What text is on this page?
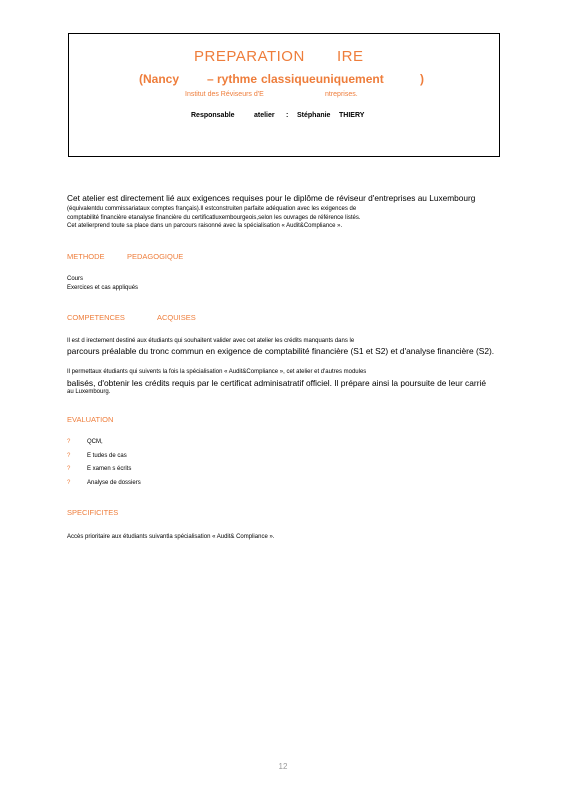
PREPARATION IRE
(Nancy – rythme classiqueuniquement	)
Institut des Réviseurs d'E	ntreprises.
Responsable	atelier : Stéphanie THIERY
Cet atelier est directement lié aux exigences requises pour le diplôme de réviseur d'entreprises au Luxembourg
(équivalentdu commissariataux comptes français).Il estconstruiten parfaite adéquation avec les exigences de
comptabilité financière etanalyse financière du certificatluxembourgeois,selon les ouvrages de référence listés.
Cet atelierprend toute sa place dans un parcours raisonné avec la spécialisation « Audit&Compliance ».
METHODE	PEDAGOGIQUE
Cours
Exercices et cas appliqués
COMPETENCES	ACQUISES
Il est d irectement destiné aux étudiants qui souhaitent valider avec cet atelier les crédits manquants dans le
parcours préalable du tronc commun en exigence de comptabilité financière (S1 et S2) et d'analyse financière (S2).
Il permettaux étudiants qui suivents la fois la spécialisation « Audit&Compliance », cet atelier et d'autres modules
balisés, d'obtenir les crédits requis par le certificat adminisatratif officiel. Il prépare ainsi la poursuite de leur carrié
au Luxembourg.
EVALUATION
?	QCM,
?	E tudes de cas
?	E xamen s écrits
?	Analyse de dossiers
SPECIFICITES
Accès prioritaire aux étudiants suivantla spécialisation « Audit& Compliance ».
12
